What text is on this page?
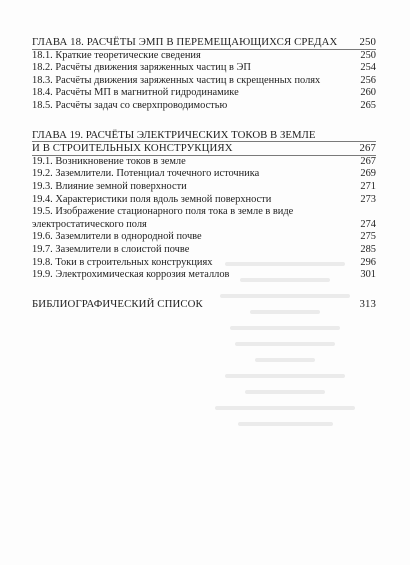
ГЛАВА 18. РАСЧЁТЫ ЭМП В ПЕРЕМЕЩАЮЩИХСЯ СРЕДАХ	250
18.1. Краткие теоретические сведения	250
18.2. Расчёты движения заряженных частиц в ЭП	254
18.3. Расчёты движения заряженных частиц в скрещенных полях	256
18.4. Расчёты МП в магнитной гидродинамике	260
18.5. Расчёты задач со сверхпроводимостью	265
ГЛАВА 19. РАСЧЁТЫ ЭЛЕКТРИЧЕСКИХ ТОКОВ В ЗЕМЛЕ
И В СТРОИТЕЛЬНЫХ КОНСТРУКЦИЯХ	267
19.1. Возникновение токов в земле	267
19.2. Заземлители. Потенциал точечного источника	269
19.3. Влияние земной поверхности	271
19.4. Характеристики поля вдоль земной поверхности	273
19.5. Изображение стационарного поля тока в земле в виде
электростатического поля	274
19.6. Заземлители в однородной почве	275
19.7. Заземлители в слоистой почве	285
19.8. Токи в строительных конструкциях	296
19.9. Электрохимическая коррозия металлов	301
БИБЛИОГРАФИЧЕСКИЙ СПИСОК	313
